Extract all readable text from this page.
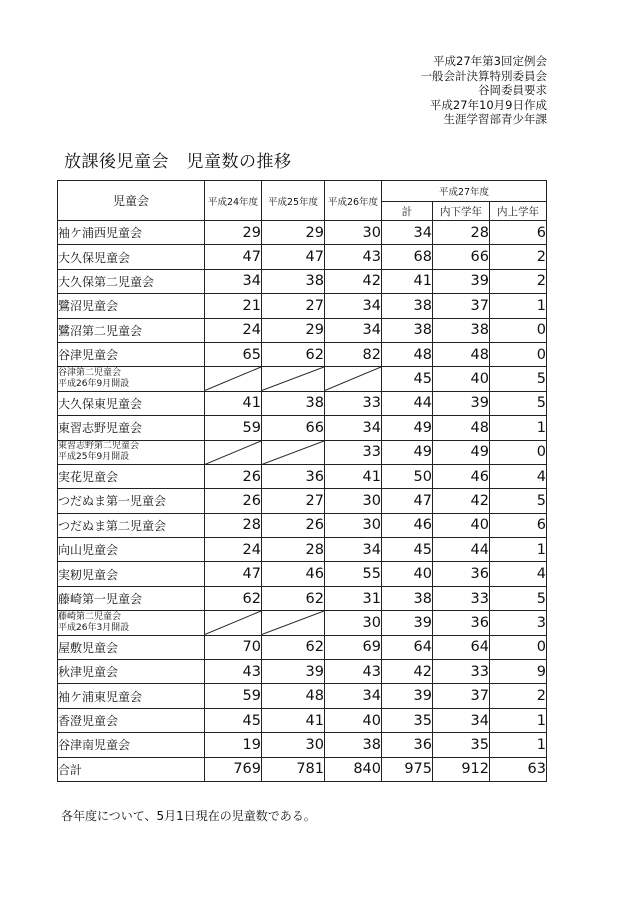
平成27年第3回定例会
一般会計決算特別委員会
谷岡委員要求
平成27年10月9日作成
生涯学習部青少年課
放課後児童会　児童数の推移
児童会	平成24年度	平成25年度	平成26年度	平成27年度		
				計	内下学年	内上学年
袖ケ浦西児童会	29	29	30	34	28	6
大久保児童会	47	47	43	68	66	2
大久保第二児童会	34	38	42	41	39	2
鷺沼児童会	21	27	34	38	37	1
鷺沼第二児童会	24	29	34	38	38	0
谷津児童会	65	62	82	48	48	0
谷津第二児童会
平成26年9月開設				45	40	5
大久保東児童会	41	38	33	44	39	5
東習志野児童会	59	66	34	49	48	1
東習志野第二児童会
平成25年9月開設			33	49	49	0
実花児童会	26	36	41	50	46	4
つだぬま第一児童会	26	27	30	47	42	5
つだぬま第二児童会	28	26	30	46	40	6
向山児童会	24	28	34	45	44	1
実籾児童会	47	46	55	40	36	4
藤崎第一児童会	62	62	31	38	33	5
藤崎第二児童会
平成26年3月開設			30	39	36	3
屋敷児童会	70	62	69	64	64	0
秋津児童会	43	39	43	42	33	9
袖ケ浦東児童会	59	48	34	39	37	2
香澄児童会	45	41	40	35	34	1
谷津南児童会	19	30	38	36	35	1
合計	769	781	840	975	912	63
各年度について、5月1日現在の児童数である。
